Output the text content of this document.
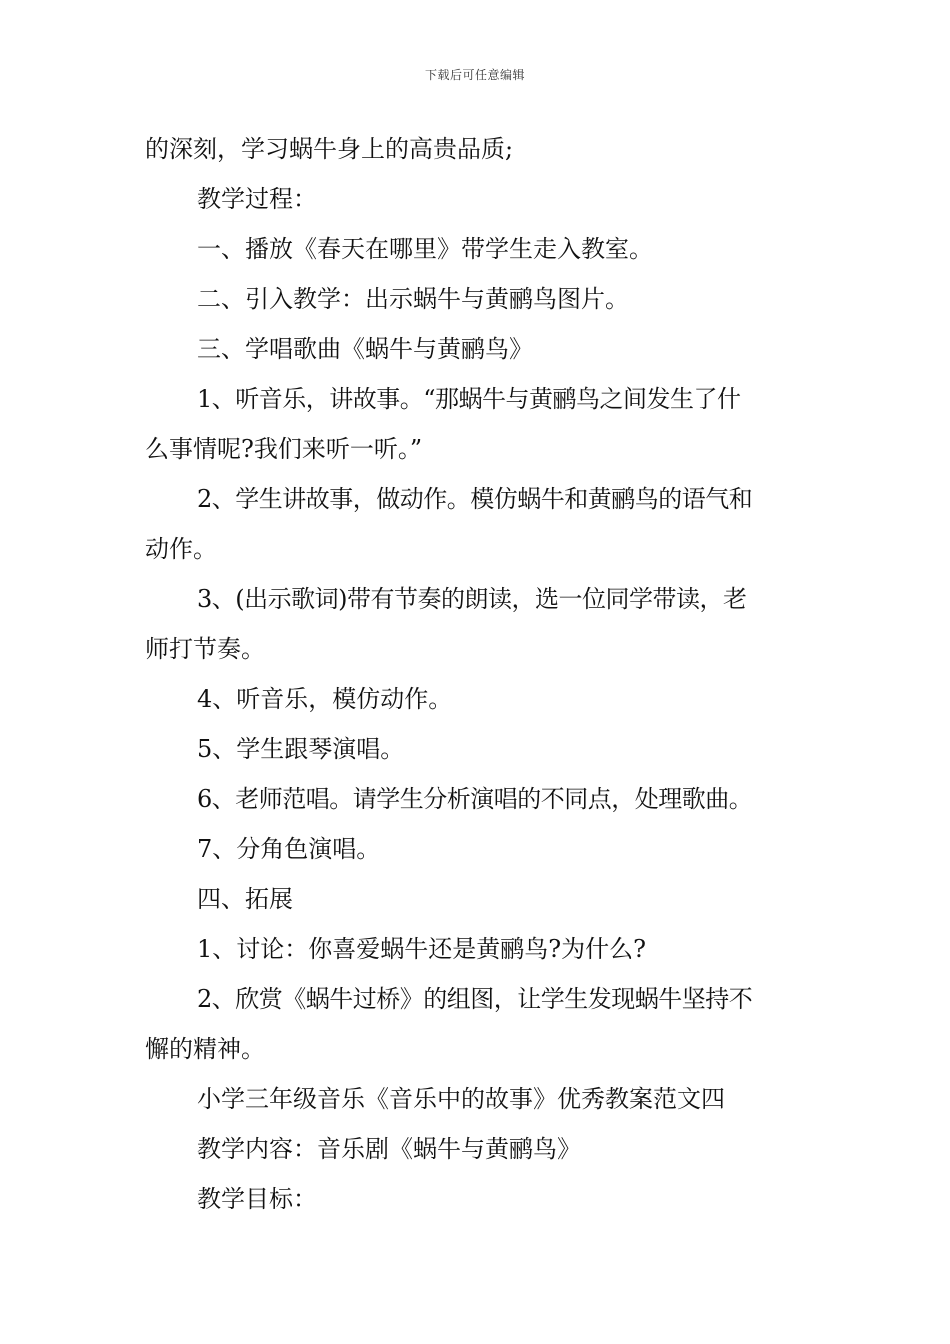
下载后可任意编辑
的深刻，学习蜗牛身上的高贵品质;
教学过程：
一、播放《春天在哪里》带学生走入教室。
二、引入教学：出示蜗牛与黄鹂鸟图片。
三、学唱歌曲《蜗牛与黄鹂鸟》
1、听音乐，讲故事。“那蜗牛与黄鹂鸟之间发生了什
么事情呢?我们来听一听。”
2、学生讲故事，做动作。模仿蜗牛和黄鹂鸟的语气和
动作。
3、(出示歌词)带有节奏的朗读，选一位同学带读，老
师打节奏。
4、听音乐，模仿动作。
5、学生跟琴演唱。
6、老师范唱。请学生分析演唱的不同点，处理歌曲。
7、分角色演唱。
四、拓展
1、讨论：你喜爱蜗牛还是黄鹂鸟?为什么?
2、欣赏《蜗牛过桥》的组图，让学生发现蜗牛坚持不
懈的精神。
小学三年级音乐《音乐中的故事》优秀教案范文四
教学内容：音乐剧《蜗牛与黄鹂鸟》
教学目标：
